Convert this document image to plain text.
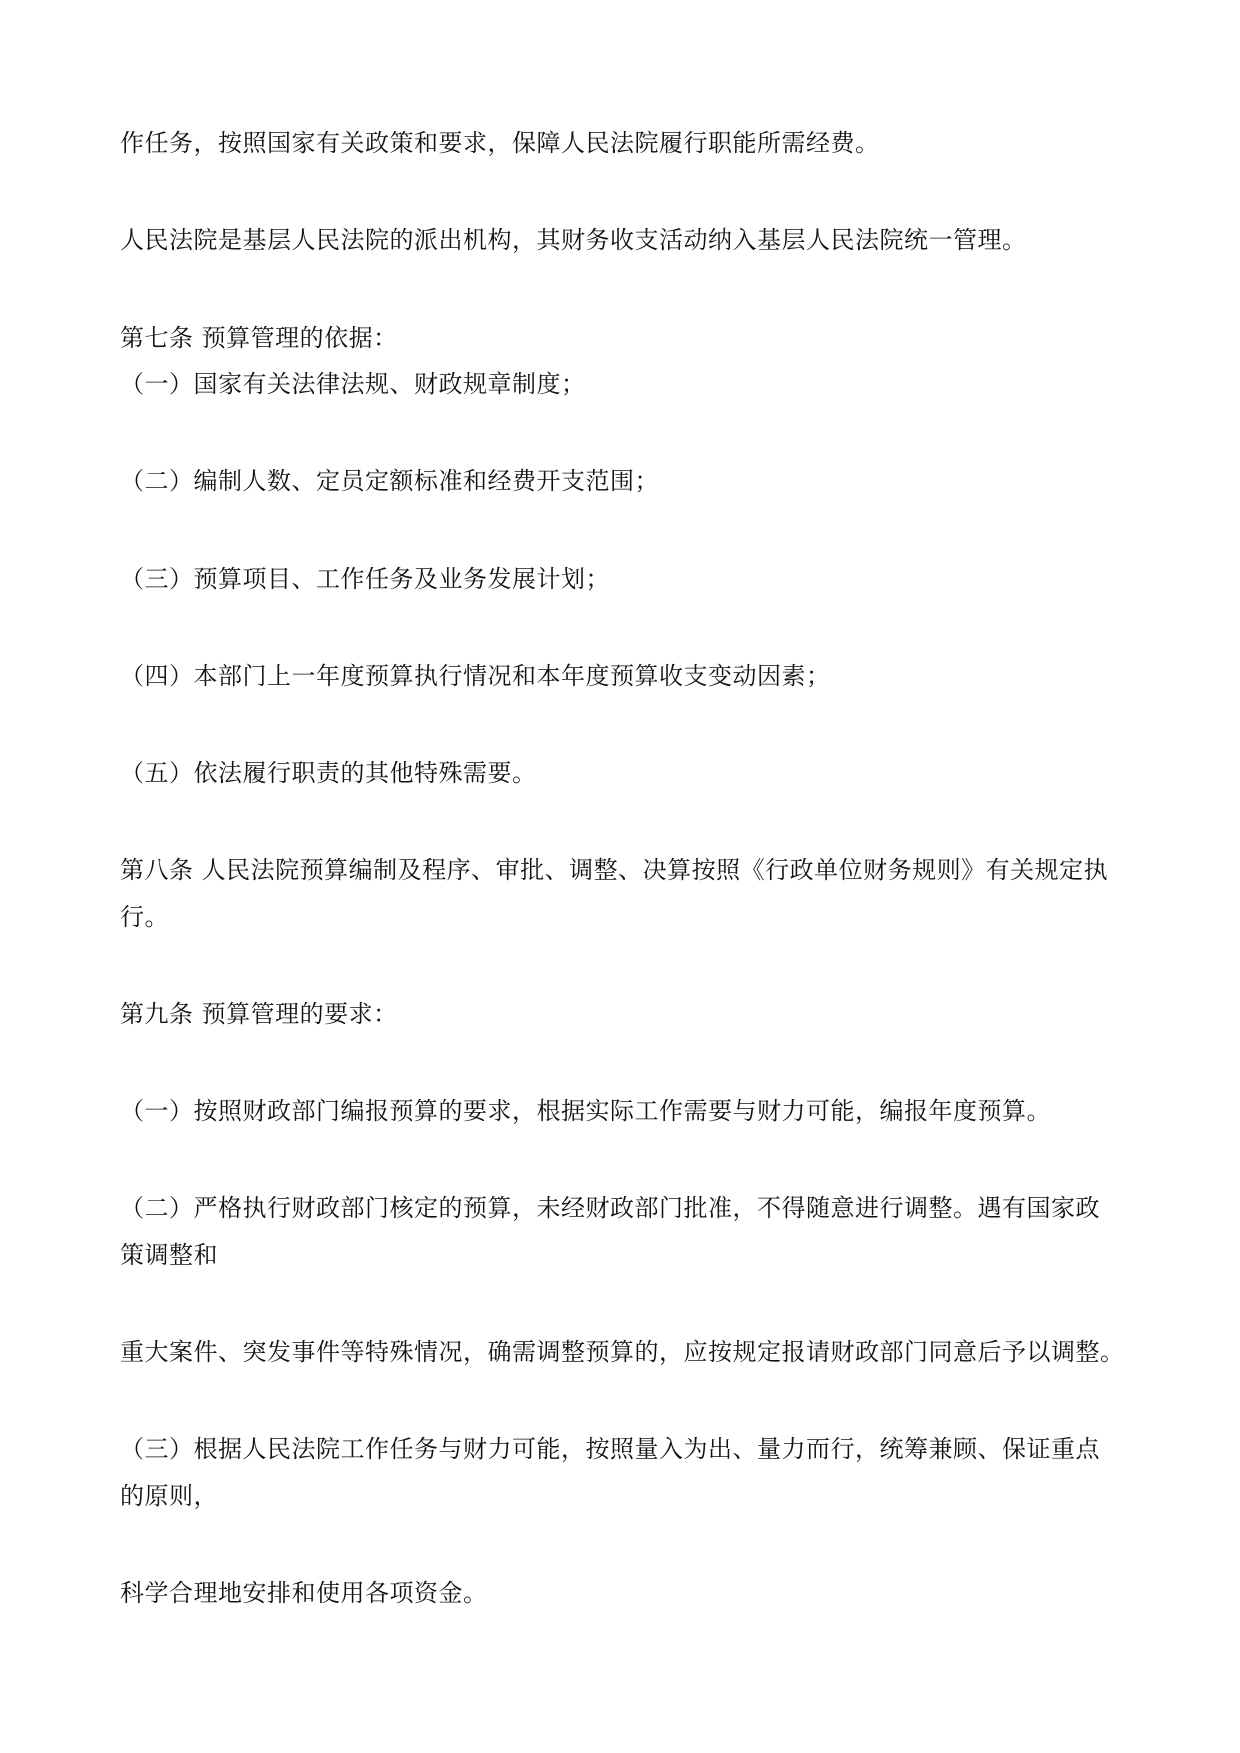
作任务，按照国家有关政策和要求，保障人民法院履行职能所需经费。
人民法院是基层人民法院的派出机构，其财务收支活动纳入基层人民法院统一管理。
第七条 预算管理的依据：
（一）国家有关法律法规、财政规章制度；
（二）编制人数、定员定额标准和经费开支范围；
（三）预算项目、工作任务及业务发展计划；
（四）本部门上一年度预算执行情况和本年度预算收支变动因素；
（五）依法履行职责的其他特殊需要。
第八条 人民法院预算编制及程序、审批、调整、决算按照《行政单位财务规则》有关规定执
行。
第九条 预算管理的要求：
（一）按照财政部门编报预算的要求，根据实际工作需要与财力可能，编报年度预算。
（二）严格执行财政部门核定的预算，未经财政部门批准，不得随意进行调整。遇有国家政
策调整和
重大案件、突发事件等特殊情况，确需调整预算的，应按规定报请财政部门同意后予以调整。
（三）根据人民法院工作任务与财力可能，按照量入为出、量力而行，统筹兼顾、保证重点
的原则，
科学合理地安排和使用各项资金。
